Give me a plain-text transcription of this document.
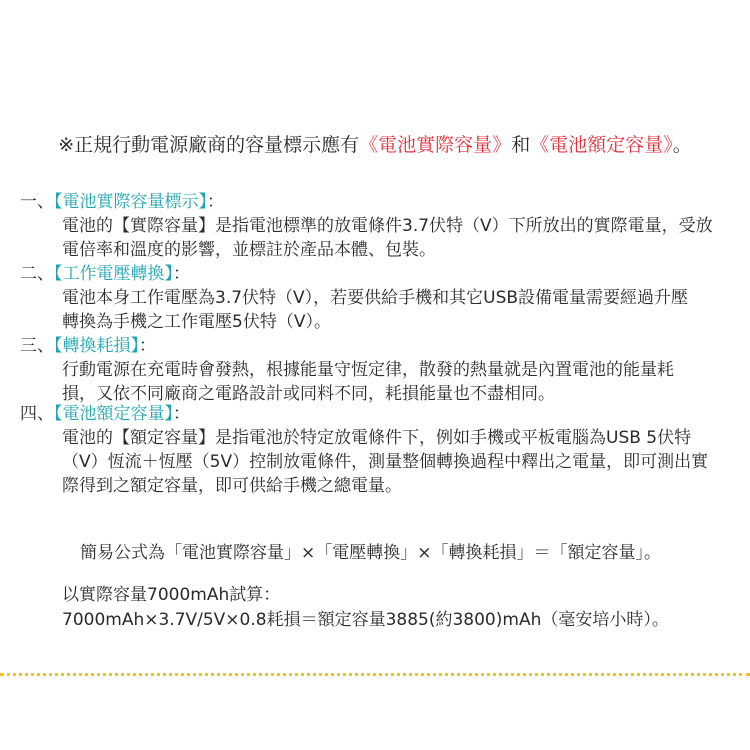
※正規行動電源廠商的容量標示應有《電池實際容量》和《電池額定容量》。
一、【電池實際容量標示】：
電池的【實際容量】是指電池標準的放電條件3.7伏特（V）下所放出的實際電量，受放
電倍率和溫度的影響，並標註於產品本體、包裝。
二、【工作電壓轉換】：
電池本身工作電壓為3.7伏特（V），若要供給手機和其它USB設備電量需要經過升壓
轉換為手機之工作電壓5伏特（V）。
三、【轉換耗損】：
行動電源在充電時會發熱，根據能量守恆定律，散發的熱量就是內置電池的能量耗
損，又依不同廠商之電路設計或同料不同，耗損能量也不盡相同。
四、【電池額定容量】：
電池的【額定容量】是指電池於特定放電條件下，例如手機或平板電腦為USB 5伏特
（V）恆流＋恆壓（5V）控制放電條件，測量整個轉換過程中釋出之電量，即可測出實
際得到之額定容量，即可供給手機之總電量。
簡易公式為「電池實際容量」×「電壓轉換」×「轉換耗損」＝「額定容量」。
以實際容量7000mAh試算：
7000mAh×3.7V/5V×0.8耗損＝額定容量3885(約3800)mAh（毫安培小時）。
